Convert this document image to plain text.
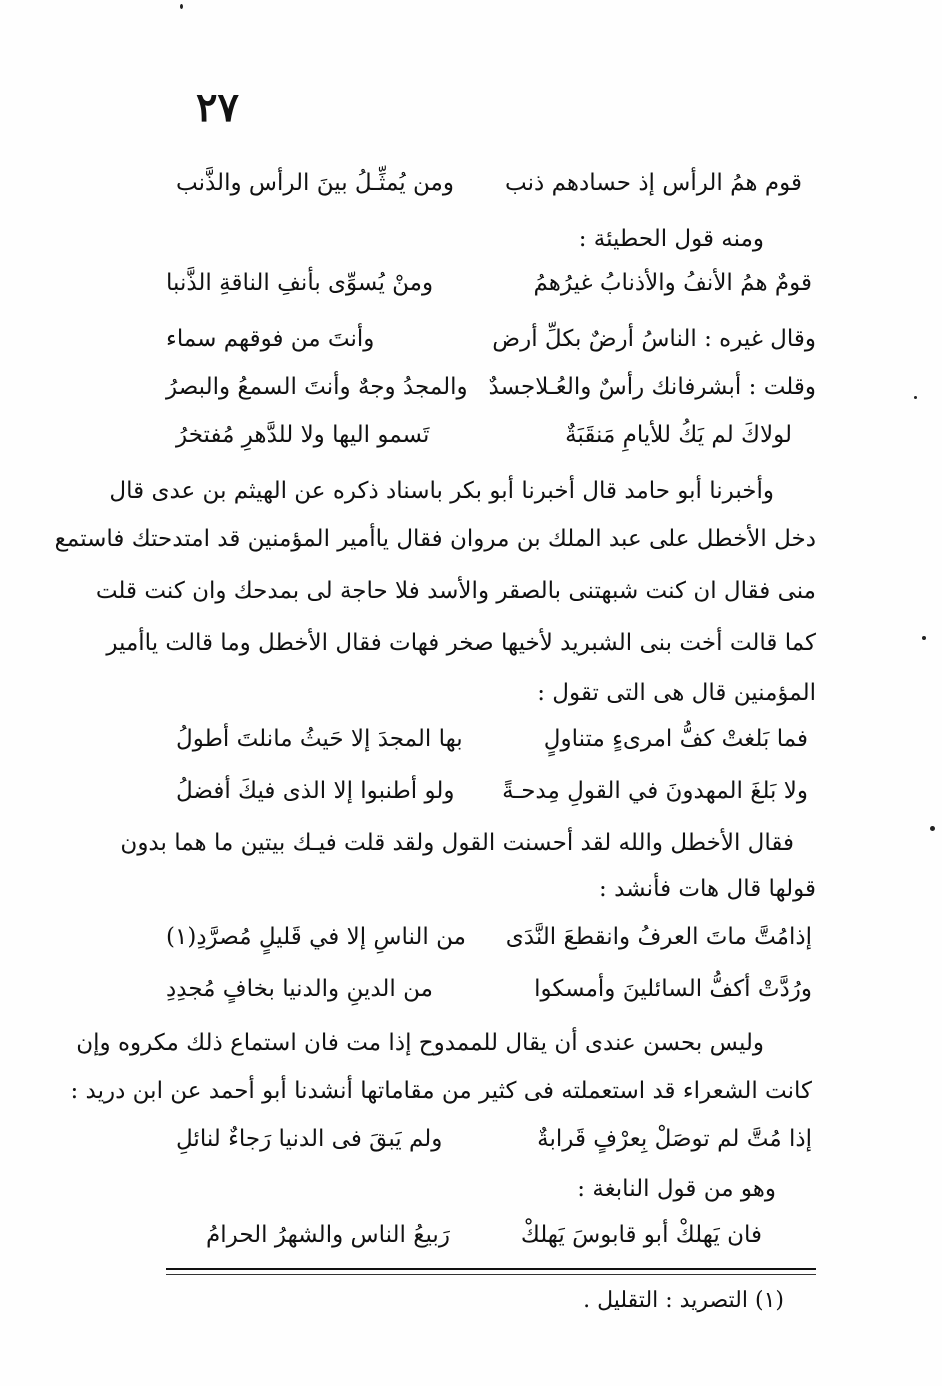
٢٧
قوم همُ الرأس إذ حسادهم ذنب
ومن يُمثِّـلُ بينَ الرأس والذَّنب
ومنه قول الحطيئة :
قومٌ همُ الأنفُ والأذنابُ غيرُهمُ
ومنْ يُسوِّى بأنفِ الناقةِ الذَّنبا
وقال غيره : الناسُ أرضٌ بكلِّ أرض
وأنتَ من فوقهم سماء
وقلت : أبشرفانك رأسٌ والعُـلاجسدٌ
والمجدُ وجهٌ وأنتَ السمعُ والبصرُ
لولاكَ لم يَكُ للأيامِ مَنقَبَةٌ
تَسمو اليها ولا للدَّهرِ مُفتخرُ
وأخبرنا أبو حامد قال أخبرنا أبو بكر باسناد ذكره عن الهيثم بن عدى قال
دخل الأخطل على عبد الملك بن مروان فقال ياأمير المؤمنين قد امتدحتك فاستمع
منى فقال ان كنت شبهتنى بالصقر والأسد فلا حاجة لى بمدحك وان كنت قلت
كما قالت أخت بنى الشبريد لأخيها صخر فهات فقال الأخطل وما قالت ياأمير
المؤمنين قال هى التى تقول :
فما بَلغتْ كفُّ امرىءٍ متناولٍ
بها المجدَ إلا حَيثُ مانلتَ أطولُ
ولا بَلغَ المهدونَ في القولِ مِدحـةً
ولو أطنبوا إلا الذى فيكَ أفضلُ
فقال الأخطل والله لقد أحسنت القول ولقد قلت فيـك بيتين ما هما بدون
قولها قال هات فأنشد :
إذامُتَّ ماتَ العرفُ وانقطعَ النَّدَى
من الناسِ إلا في قَليلٍ مُصرَّدِ(١)
ورُدَّتْ أكفُّ السائلينَ وأمسكوا
من الدينِ والدنيا بخافٍ مُجدِدِ
وليس بحسن عندى أن يقال للممدوح إذا مت فان استماع ذلك مكروه وإن
كانت الشعراء قد استعملته فى كثير من مقاماتها أنشدنا أبو أحمد عن ابن دريد :
إذا مُتَّ لم توصَلْ بِعرْفٍ قَرابةٌ
ولم يَبقَ فى الدنيا رَجاءٌ لنائلِ
وهو من قول النابغة :
فان يَهلكْ أبو قابوسَ يَهلكْ
رَبيعُ الناس والشهرُ الحرامُ
(١) التصريد : التقليل .
